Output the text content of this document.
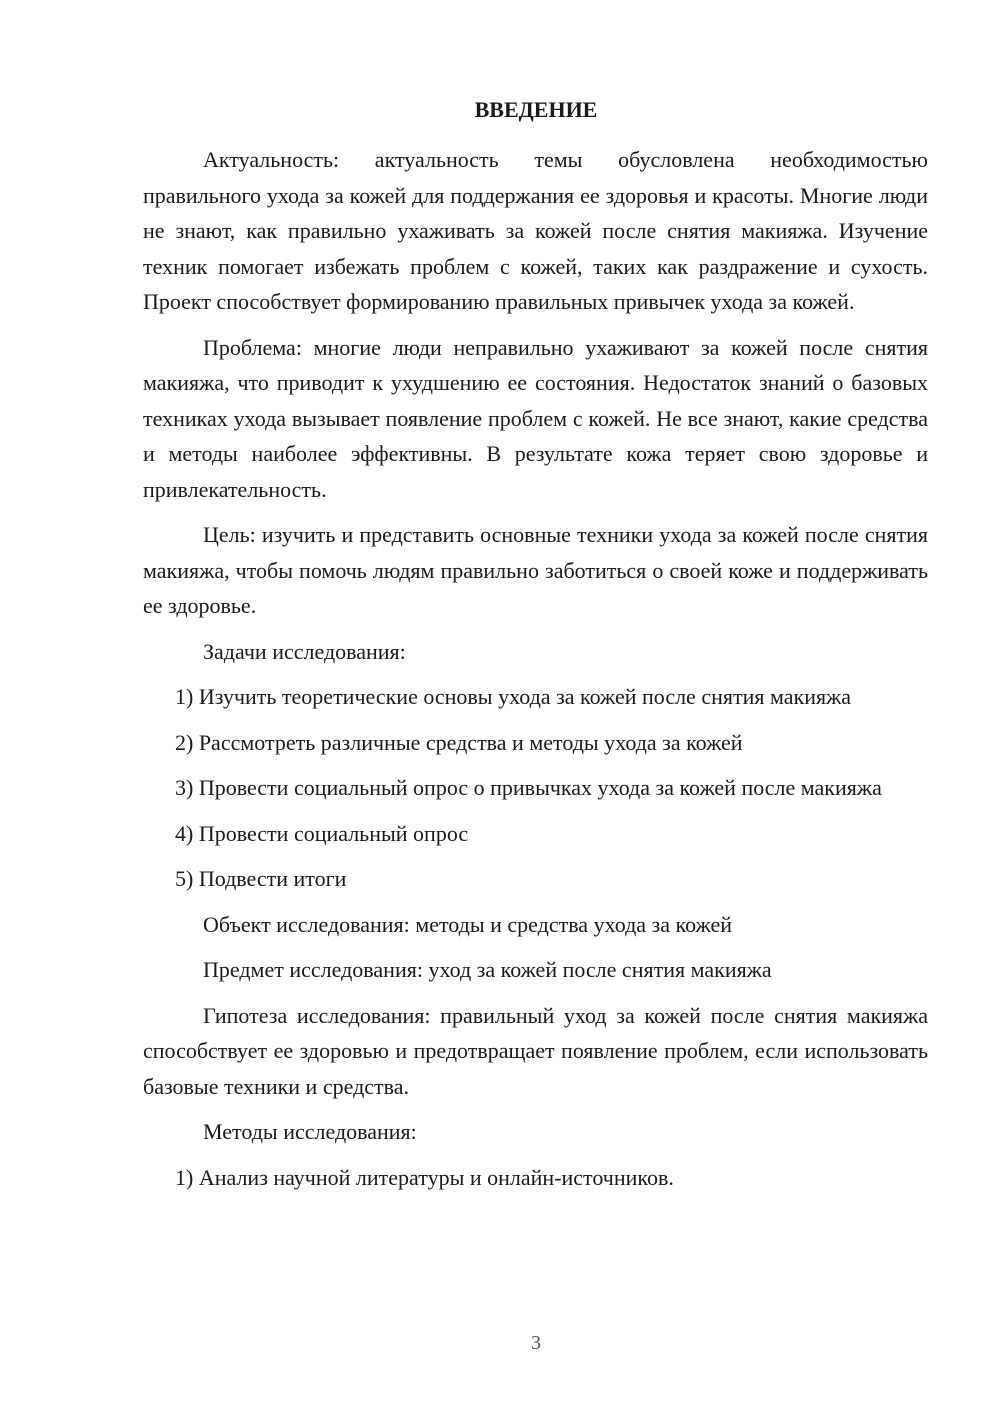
ВВЕДЕНИЕ

Актуальность: актуальность темы обусловлена необходимостью правильного ухода за кожей для поддержания ее здоровья и красоты. Многие люди не знают, как правильно ухаживать за кожей после снятия макияжа. Изучение техник помогает избежать проблем с кожей, таких как раздражение и сухость. Проект способствует формированию правильных привычек ухода за кожей.

Проблема: многие люди неправильно ухаживают за кожей после снятия макияжа, что приводит к ухудшению ее состояния. Недостаток знаний о базовых техниках ухода вызывает появление проблем с кожей. Не все знают, какие средства и методы наиболее эффективны. В результате кожа теряет свою здоровье и привлекательность.

Цель: изучить и представить основные техники ухода за кожей после снятия макияжа, чтобы помочь людям правильно заботиться о своей коже и поддерживать ее здоровье.

Задачи исследования:

1) Изучить теоретические основы ухода за кожей после снятия макияжа

2) Рассмотреть различные средства и методы ухода за кожей

3) Провести социальный опрос о привычках ухода за кожей после макияжа

4) Провести социальный опрос

5) Подвести итоги

Объект исследования: методы и средства ухода за кожей

Предмет исследования: уход за кожей после снятия макияжа

Гипотеза исследования: правильный уход за кожей после снятия макияжа способствует ее здоровью и предотвращает появление проблем, если использовать базовые техники и средства.

Методы исследования:

1) Анализ научной литературы и онлайн-источников.

3
